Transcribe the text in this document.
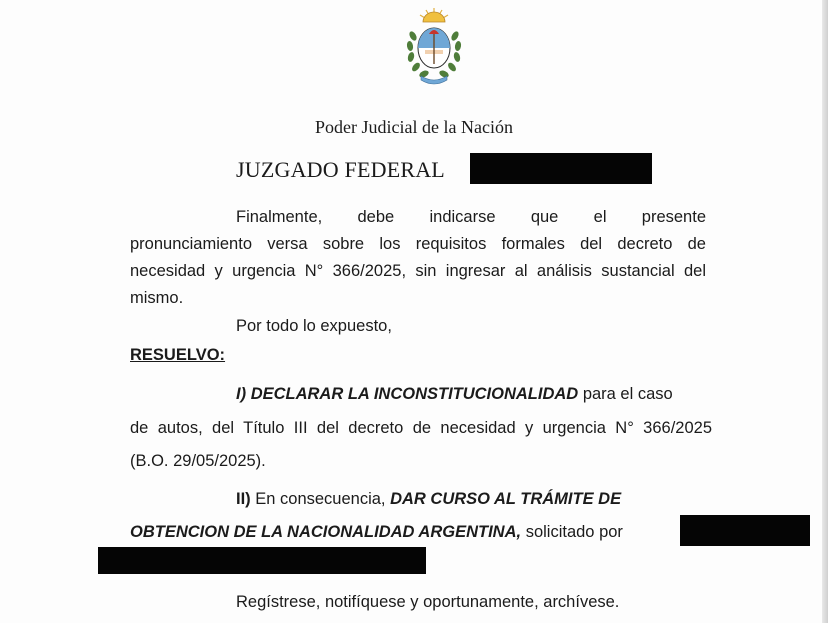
Poder Judicial de la Nación
JUZGADO FEDERAL
Finalmente, debe indicarse que el presente
pronunciamiento versa sobre los requisitos formales del decreto de
necesidad y urgencia N° 366/2025, sin ingresar al análisis sustancial del
mismo.
Por todo lo expuesto,
RESUELVO:
I) DECLARAR LA INCONSTITUCIONALIDAD para el caso
de autos, del Título III del decreto de necesidad y urgencia N° 366/2025
(B.O. 29/05/2025).
II) En consecuencia, DAR CURSO AL TRÁMITE DE
OBTENCION DE LA NACIONALIDAD ARGENTINA, solicitado por
Regístrese, notifíquese y oportunamente, archívese.
